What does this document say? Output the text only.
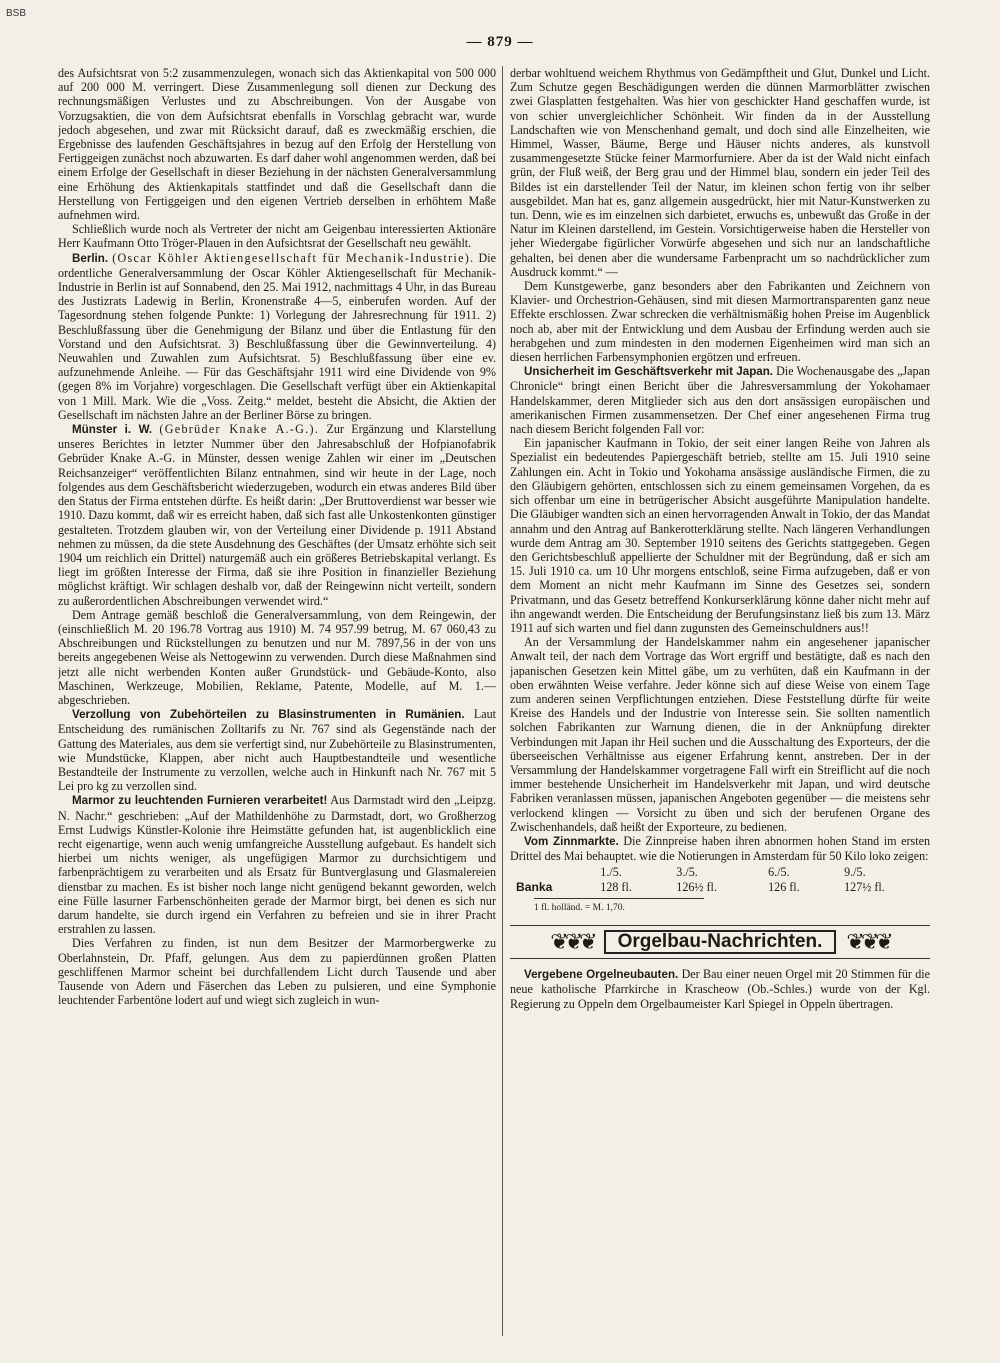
BSB
— 879 —

des Aufsichtsrat von 5:2 zusammenzulegen, wonach sich das Aktienkapital von 500 000 auf 200 000 M. verringert. Diese Zusammenlegung soll dienen zur Deckung des rechnungsmäßigen Verlustes und zu Abschreibungen. Von der Ausgabe von Vorzugsaktien, die von dem Aufsichtsrat ebenfalls in Vorschlag gebracht war, wurde jedoch abgesehen, und zwar mit Rücksicht darauf, daß es zweckmäßig erschien, die Ergebnisse des laufenden Geschäftsjahres in bezug auf den Erfolg der Herstellung von Fertiggeigen zunächst noch abzuwarten. Es darf daher wohl angenommen werden, daß bei einem Erfolge der Gesellschaft in dieser Beziehung in der nächsten Generalversammlung eine Erhöhung des Aktienkapitals stattfindet und daß die Gesellschaft dann die Herstellung von Fertiggeigen und den eigenen Vertrieb derselben in erhöhtem Maße aufnehmen wird.

Schließlich wurde noch als Vertreter der nicht am Geigenbau interessierten Aktionäre Herr Kaufmann Otto Tröger-Plauen in den Aufsichtsrat der Gesellschaft neu gewählt.

Berlin. (Oscar Köhler Aktiengesellschaft für Mechanik-Industrie). Die ordentliche Generalversammlung der Oscar Köhler Aktiengesellschaft für Mechanik-Industrie in Berlin ist auf Sonnabend, den 25. Mai 1912, nachmittags 4 Uhr, in das Bureau des Justizrats Ladewig in Berlin, Kronenstraße 4—5, einberufen worden. Auf der Tagesordnung stehen folgende Punkte: 1) Vorlegung der Jahresrechnung für 1911. 2) Beschlußfassung über die Genehmigung der Bilanz und über die Entlastung für den Vorstand und den Aufsichtsrat. 3) Beschlußfassung über die Gewinnverteilung. 4) Neuwahlen und Zuwahlen zum Aufsichtsrat. 5) Beschlußfassung über eine ev. aufzunehmende Anleihe. — Für das Geschäftsjahr 1911 wird eine Dividende von 9% (gegen 8% im Vorjahre) vorgeschlagen. Die Gesellschaft verfügt über ein Aktienkapital von 1 Mill. Mark. Wie die „Voss. Zeitg.“ meldet, besteht die Absicht, die Aktien der Gesellschaft im nächsten Jahre an der Berliner Börse zu bringen.

Münster i. W. (Gebrüder Knake A.-G.). Zur Ergänzung und Klarstellung unseres Berichtes in letzter Nummer über den Jahresabschluß der Hofpianofabrik Gebrüder Knake A.-G. in Münster, dessen wenige Zahlen wir einer im „Deutschen Reichsanzeiger“ veröffentlichten Bilanz entnahmen, sind wir heute in der Lage, noch folgendes aus dem Geschäftsbericht wiederzugeben, wodurch ein etwas anderes Bild über den Status der Firma entstehen dürfte. Es heißt darin: „Der Bruttoverdienst war besser wie 1910. Dazu kommt, daß wir es erreicht haben, daß sich fast alle Unkostenkonten günstiger gestalteten. Trotzdem glauben wir, von der Verteilung einer Dividende p. 1911 Abstand nehmen zu müssen, da die stete Ausdehnung des Geschäftes (der Umsatz erhöhte sich seit 1904 um reichlich ein Drittel) naturgemäß auch ein größeres Betriebskapital verlangt. Es liegt im größten Interesse der Firma, daß sie ihre Position in finanzieller Beziehung möglichst kräftigt. Wir schlagen deshalb vor, daß der Reingewinn nicht verteilt, sondern zu außerordentlichen Abschreibungen verwendet wird.“

Dem Antrage gemäß beschloß die Generalversammlung, von dem Reingewin, der (einschließlich M. 20 196.78 Vortrag aus 1910) M. 74 957.99 betrug, M. 67 060,43 zu Abschreibungen und Rückstellungen zu benutzen und nur M. 7897,56 in der von uns bereits angegebenen Weise als Nettogewinn zu verwenden. Durch diese Maßnahmen sind jetzt alle nicht werbenden Konten außer Grundstück- und Gebäude-Konto, also Maschinen, Werkzeuge, Mobilien, Reklame, Patente, Modelle, auf M. 1.— abgeschrieben.

Verzollung von Zubehörteilen zu Blasinstrumenten in Rumänien. Laut Entscheidung des rumänischen Zolltarifs zu Nr. 767 sind als Gegenstände nach der Gattung des Materiales, aus dem sie verfertigt sind, nur Zubehörteile zu Blasinstrumenten, wie Mundstücke, Klappen, aber nicht auch Hauptbestandteile und wesentliche Bestandteile der Instrumente zu verzollen, welche auch in Hinkunft nach Nr. 767 mit 5 Lei pro kg zu verzollen sind.

Marmor zu leuchtenden Furnieren verarbeitet! Aus Darmstadt wird den „Leipzg. N. Nachr.“ geschrieben: „Auf der Mathildenhöhe zu Darmstadt, dort, wo Großherzog Ernst Ludwigs Künstler-Kolonie ihre Heimstätte gefunden hat, ist augenblicklich eine recht eigenartige, wenn auch wenig umfangreiche Ausstellung aufgebaut. Es handelt sich hierbei um nichts weniger, als ungefügigen Marmor zu durchsichtigem und farbenprächtigem zu verarbeiten und als Ersatz für Buntverglasung und Glasmalereien dienstbar zu machen. Es ist bisher noch lange nicht genügend bekannt geworden, welch eine Fülle lasurner Farbenschönheiten gerade der Marmor birgt, bei denen es sich nur darum handelte, sie durch irgend ein Verfahren zu befreien und sie in ihrer Pracht erstrahlen zu lassen.

Dies Verfahren zu finden, ist nun dem Besitzer der Marmorbergwerke zu Oberlahnstein, Dr. Pfaff, gelungen. Aus dem zu papierdünnen großen Platten geschliffenen Marmor scheint bei durchfallendem Licht durch Tausende und aber Tausende von Adern und Fäserchen das Leben zu pulsieren, und eine Symphonie leuchtender Farbentöne lodert auf und wiegt sich zugleich in wun-

derbar wohltuend weichem Rhythmus von Gedämpftheit und Glut, Dunkel und Licht. Zum Schutze gegen Beschädigungen werden die dünnen Marmorblätter zwischen zwei Glasplatten festgehalten. Was hier von geschickter Hand geschaffen wurde, ist von schier unvergleichlicher Schönheit. Wir finden da in der Ausstellung Landschaften wie von Menschenhand gemalt, und doch sind alle Einzelheiten, wie Himmel, Wasser, Bäume, Berge und Häuser nichts anderes, als kunstvoll zusammengesetzte Stücke feiner Marmorfurniere. Aber da ist der Wald nicht einfach grün, der Fluß weiß, der Berg grau und der Himmel blau, sondern ein jeder Teil des Bildes ist ein darstellender Teil der Natur, im kleinen schon fertig von ihr selber ausgebildet. Man hat es, ganz allgemein ausgedrückt, hier mit Natur-Kunstwerken zu tun. Denn, wie es im einzelnen sich darbietet, erwuchs es, unbewußt das Große in der Natur im Kleinen darstellend, im Gestein. Vorsichtigerweise haben die Hersteller von jeher Wiedergabe figürlicher Vorwürfe abgesehen und sich nur an landschaftliche gehalten, bei denen aber die wundersame Farbenpracht um so nachdrücklicher zum Ausdruck kommt.“ —

Dem Kunstgewerbe, ganz besonders aber den Fabrikanten und Zeichnern von Klavier- und Orchestrion-Gehäusen, sind mit diesen Marmortransparenten ganz neue Effekte erschlossen. Zwar schrecken die verhältnismäßig hohen Preise im Augenblick noch ab, aber mit der Entwicklung und dem Ausbau der Erfindung werden auch sie herabgehen und zum mindesten in den modernen Eigenheimen wird man sich an diesen herrlichen Farbensymphonien ergötzen und erfreuen.

Unsicherheit im Geschäftsverkehr mit Japan. Die Wochenausgabe des „Japan Chronicle“ bringt einen Bericht über die Jahresversammlung der Yokohamaer Handelskammer, deren Mitglieder sich aus den dort ansässigen europäischen und amerikanischen Firmen zusammensetzen. Der Chef einer angesehenen Firma trug nach diesem Bericht folgenden Fall vor:

Ein japanischer Kaufmann in Tokio, der seit einer langen Reihe von Jahren als Spezialist ein bedeutendes Papiergeschäft betrieb, stellte am 15. Juli 1910 seine Zahlungen ein. Acht in Tokio und Yokohama ansässige ausländische Firmen, die zu den Gläubigern gehörten, entschlossen sich zu einem gemeinsamen Vorgehen, da es sich offenbar um eine in betrügerischer Absicht ausgeführte Manipulation handelte. Die Gläubiger wandten sich an einen hervorragenden Anwalt in Tokio, der das Mandat annahm und den Antrag auf Bankerotterklärung stellte. Nach längeren Verhandlungen wurde dem Antrag am 30. September 1910 seitens des Gerichts stattgegeben. Gegen den Gerichtsbeschluß appellierte der Schuldner mit der Begründung, daß er sich am 15. Juli 1910 ca. um 10 Uhr morgens entschloß, seine Firma aufzugeben, daß er von dem Moment an nicht mehr Kaufmann im Sinne des Gesetzes sei, sondern Privatmann, und das Gesetz betreffend Konkurserklärung könne daher nicht mehr auf ihn angewandt werden. Die Entscheidung der Berufungsinstanz ließ bis zum 13. März 1911 auf sich warten und fiel dann zugunsten des Gemeinschuldners aus!!

An der Versammlung der Handelskammer nahm ein angesehener japanischer Anwalt teil, der nach dem Vortrage das Wort ergriff und bestätigte, daß es nach den japanischen Gesetzen kein Mittel gäbe, um zu verhüten, daß ein Kaufmann in der oben erwähnten Weise verfahre. Jeder könne sich auf diese Weise von einem Tage zum anderen seinen Verpflichtungen entziehen. Diese Feststellung dürfte für weite Kreise des Handels und der Industrie von Interesse sein. Sie sollten namentlich solchen Fabrikanten zur Warnung dienen, die in der Anknüpfung direkter Verbindungen mit Japan ihr Heil suchen und die Ausschaltung des Exporteurs, der die überseeischen Verhältnisse aus eigener Erfahrung kennt, anstreben. Der in der Versammlung der Handelskammer vorgetragene Fall wirft ein Streiflicht auf die noch immer bestehende Unsicherheit im Handelsverkehr mit Japan, und wird deutsche Fabriken veranlassen müssen, japanischen Angeboten gegenüber — die meistens sehr verlockend klingen — Vorsicht zu üben und sich der berufenen Organe des Zwischenhandels, daß heißt der Exporteure, zu bedienen.

Vom Zinnmarkte. Die Zinnpreise haben ihren abnormen hohen Stand im ersten Drittel des Mai behauptet. wie die Notierungen in Amsterdam für 50 Kilo loko zeigen:

	1./5.	3./5.	6./5.	9./5.
Banka	128 fl.	126½ fl.	126 fl.	127½ fl.
1 fl. holländ. = M. 1,70.
❦❦❦	Orgelbau-Nachrichten.	❦❦❦

Vergebene Orgelneubauten. Der Bau einer neuen Orgel mit 20 Stimmen für die neue katholische Pfarrkirche in Krascheow (Ob.-Schles.) wurde von der Kgl. Regierung zu Oppeln dem Orgelbaumeister Karl Spiegel in Oppeln übertragen.
